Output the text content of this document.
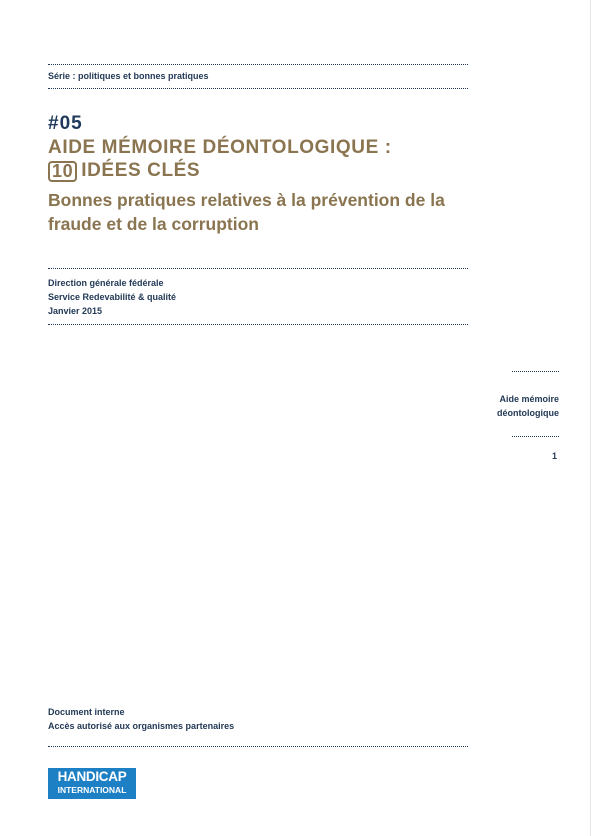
Série : politiques et bonnes pratiques
#05
AIDE MÉMOIRE DÉONTOLOGIQUE :
10 IDÉES CLÉS
Bonnes pratiques relatives à la prévention de la fraude et de la corruption
Direction générale fédérale
Service Redevabilité & qualité
Janvier 2015
Aide mémoire
déontologique
1
Document interne
Accès autorisé aux organismes partenaires
HANDICAP
INTERNATIONAL
